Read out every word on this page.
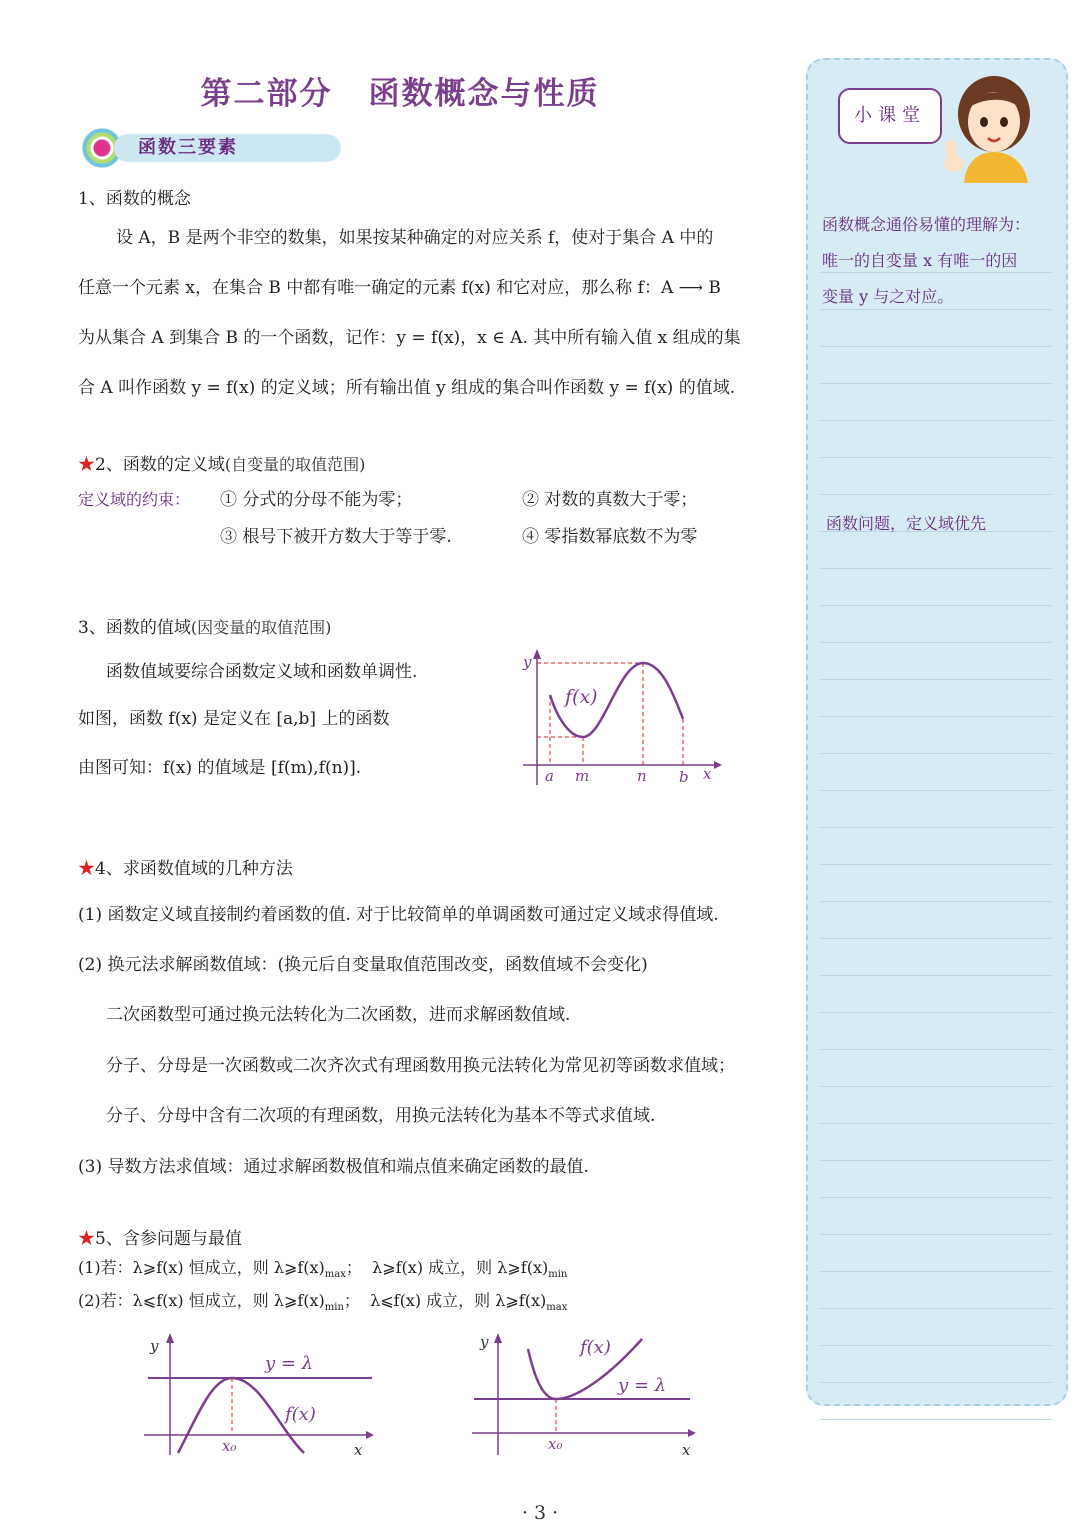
第二部分 函数概念与性质
函数三要素
1、函数的概念
设 A，B 是两个非空的数集，如果按某种确定的对应关系 f，使对于集合 A 中的
任意一个元素 x，在集合 B 中都有唯一确定的元素 f(x) 和它对应，那么称 f：A ⟶ B
为从集合 A 到集合 B 的一个函数，记作：y = f(x)，x ∈ A. 其中所有输入值 x 组成的集
合 A 叫作函数 y = f(x) 的定义域；所有输出值 y 组成的集合叫作函数 y = f(x) 的值域.
★2、函数的定义域(自变量的取值范围)
定义域的约束： ① 分式的分母不能为零；	② 对数的真数大于零；
③ 根号下被开方数大于等于零.	④ 零指数幂底数不为零
3、函数的值域(因变量的取值范围)
函数值域要综合函数定义域和函数单调性.
如图，函数 f(x) 是定义在 [a,b] 上的函数
由图可知：f(x) 的值域是 [f(m),f(n)].
y
x
f(x)
a m	n b
★4、求函数值域的几种方法
(1) 函数定义域直接制约着函数的值. 对于比较简单的单调函数可通过定义域求得值域.
(2) 换元法求解函数值域：(换元后自变量取值范围改变，函数值域不会变化)
二次函数型可通过换元法转化为二次函数，进而求解函数值域.
分子、分母是一次函数或二次齐次式有理函数用换元法转化为常见初等函数求值域；
分子、分母中含有二次项的有理函数，用换元法转化为基本不等式求值域.
(3) 导数方法求值域：通过求解函数极值和端点值来确定函数的最值.
★5、含参问题与最值
(1)若：λ⩾f(x) 恒成立，则 $\lambda⩾f(x)_{max}$； λ⩾f(x) 成立，则 $\lambda⩾f(x)_{min}$
(2)若：λ⩽f(x) 恒成立，则 $\lambda⩾f(x)_{min}$； λ⩽f(x) 成立，则 $\lambda⩾f(x)_{max}$
y
x
y = λ
f(x)
x₀
y
x
f(x)
y = λ
x₀
小课堂
函数概念通俗易懂的理解为：
唯一的自变量 x 有唯一的因
变量 y 与之对应。
函数问题，定义域优先
· 3 ·
